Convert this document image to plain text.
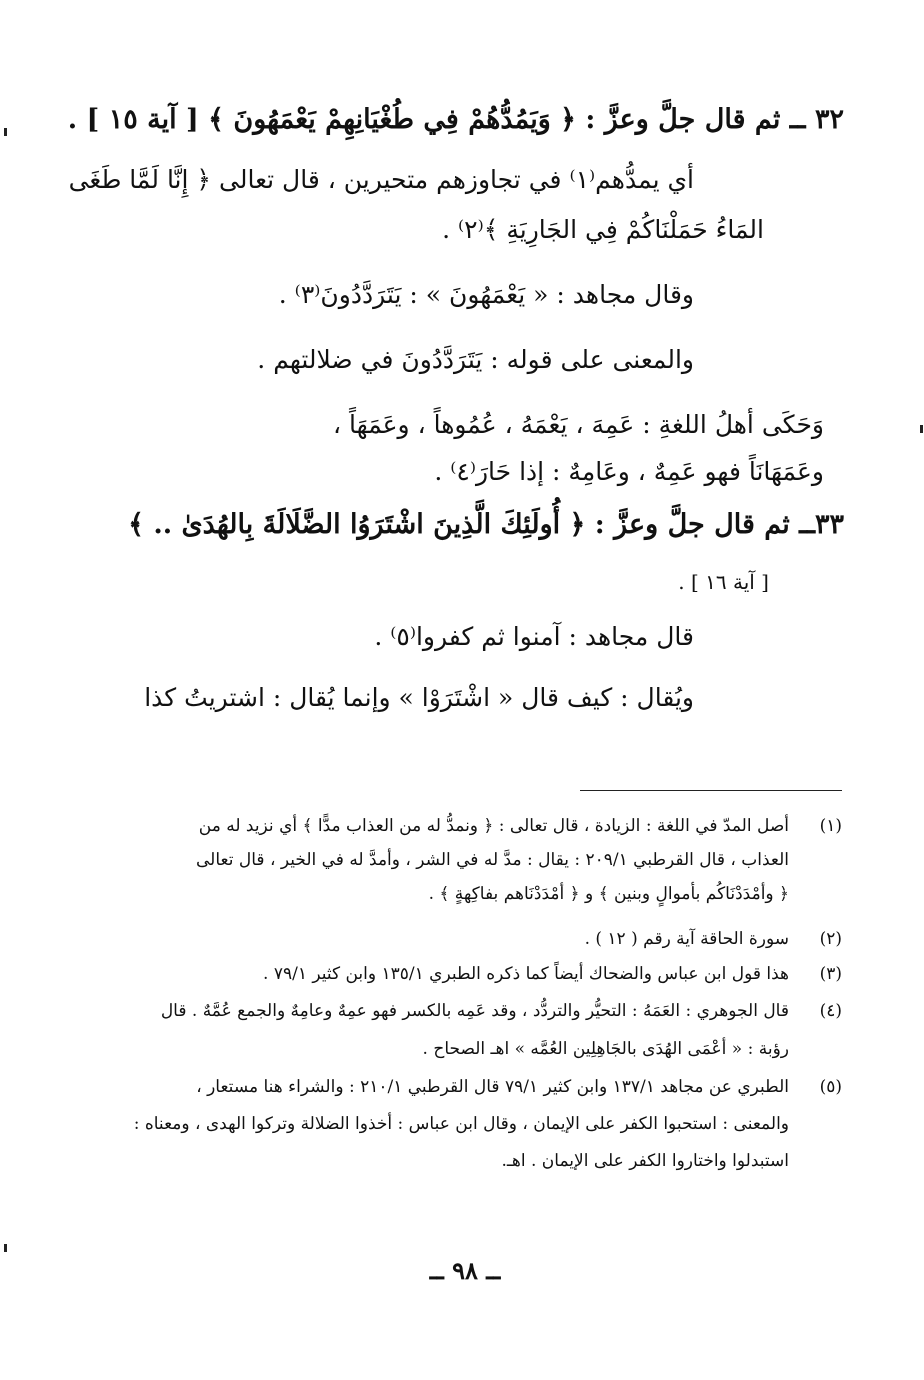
٣٢ ــ ثم قال جلَّ وعزَّ : ﴿ وَيَمُدُّهُمْ فِي طُغْيَانِهِمْ يَعْمَهُونَ ﴾ [ آية ١٥ ] .
أي يمدُّهم⁽١⁾ في تجاوزهم متحيرين ، قال تعالى ﴿ إِنَّا لَمَّا طَغَى
المَاءُ حَمَلْنَاكُمْ فِي الجَارِيَةِ ﴾⁽٢⁾ .
وقال مجاهد : « يَعْمَهُونَ » : يَتَرَدَّدُونَ⁽٣⁾ .
والمعنى على قوله : يَتَرَدَّدُونَ في ضلالتهم .
وَحَكَى أهلُ اللغةِ : عَمِهَ ، يَعْمَهُ ، عُمُوهاً ، وعَمَهَاً ،
وعَمَهَانَاً فهو عَمِهٌ ، وعَامِهٌ : إذا حَارَ⁽٤⁾ .
٣٣ــ ثم قال جلَّ وعزَّ : ﴿ أُولَئِكَ الَّذِينَ اشْتَرَوُا الضَّلَالَةَ بِالهُدَىٰ .. ﴾
[ آية ١٦ ] .
قال مجاهد : آمنوا ثم كفروا⁽٥⁾ .
ويُقال : كيف قال « اشْتَرَوْا » وإنما يُقال : اشتريتُ كذا
(١)
أصل المدّ في اللغة : الزيادة ، قال تعالى : ﴿ ونمدُّ له من العذاب مدًّا ﴾ أي نزيد له من
العذاب ، قال القرطبي ٢٠٩/١ : يقال : مدَّ له في الشر ، وأمدَّ له في الخير ، قال تعالى
﴿ وأمْدَدْنَاكُم بأموالٍ وبنين ﴾ و ﴿ أمْدَدْنَاهم بفاكِهةٍ ﴾ .
(٢)
سورة الحاقة آية رقم ( ١٢ ) .
(٣)
هذا قول ابن عباس والضحاك أيضاً كما ذكره الطبري ١٣٥/١ وابن كثير ٧٩/١ .
(٤)
قال الجوهري : العَمَهُ : التحيُّر والتردُّد ، وقد عَمِه بالكسر فهو عمِهٌ وعامِهٌ والجمع عُمَّهٌ . قال
رؤبة : « أعْمَى الهُدَى بالجَاهِلِين العُمَّه » اهـ الصحاح .
(٥)
الطبري عن مجاهد ١٣٧/١ وابن كثير ٧٩/١ قال القرطبي ٢١٠/١ : والشراء هنا مستعار ،
والمعنى : استحبوا الكفر على الإيمان ، وقال ابن عباس : أخذوا الضلالة وتركوا الهدى ، ومعناه :
استبدلوا واختاروا الكفر على الإيمان . اهـ.
ــ ٩٨ ــ
